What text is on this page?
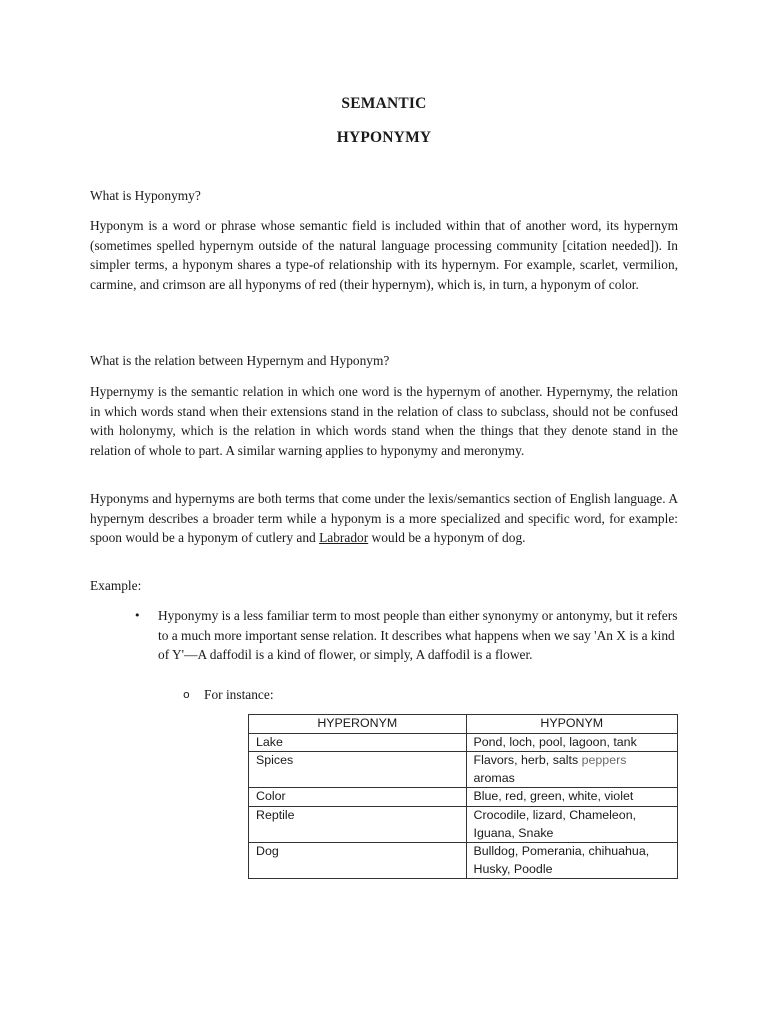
SEMANTIC
HYPONYMY

What is Hyponymy?

Hyponym is a word or phrase whose semantic field is included within that of another word, its hypernym (sometimes spelled hypernym outside of the natural language processing community [citation needed]). In simpler terms, a hyponym shares a type-of relationship with its hypernym. For example, scarlet, vermilion, carmine, and crimson are all hyponyms of red (their hypernym), which is, in turn, a hyponym of color.

What is the relation between Hypernym and Hyponym?

Hypernymy is the semantic relation in which one word is the hypernym of another. Hypernymy, the relation in which words stand when their extensions stand in the relation of class to subclass, should not be confused with holonymy, which is the relation in which words stand when the things that they denote stand in the relation of whole to part. A similar warning applies to hyponymy and meronymy.

Hyponyms and hypernyms are both terms that come under the lexis/semantics section of English language. A hypernym describes a broader term while a hyponym is a more specialized and specific word, for example: spoon would be a hyponym of cutlery and Labrador would be a hyponym of dog.

Example:

• Hyponymy is a less familiar term to most people than either synonymy or antonymy, but it refers to a much more important sense relation. It describes what happens when we say 'An X is a kind of Y'—A daffodil is a kind of flower, or simply, A daffodil is a flower.

o For instance:

HYPERONYM	HYPONYM
Lake	Pond, loch, pool, lagoon, tank
Spices	Flavors, herb, salts peppers aromas
Color	Blue, red, green, white, violet
Reptile	Crocodile, lizard, Chameleon, Iguana, Snake
Dog	Bulldog, Pomerania, chihuahua, Husky, Poodle
